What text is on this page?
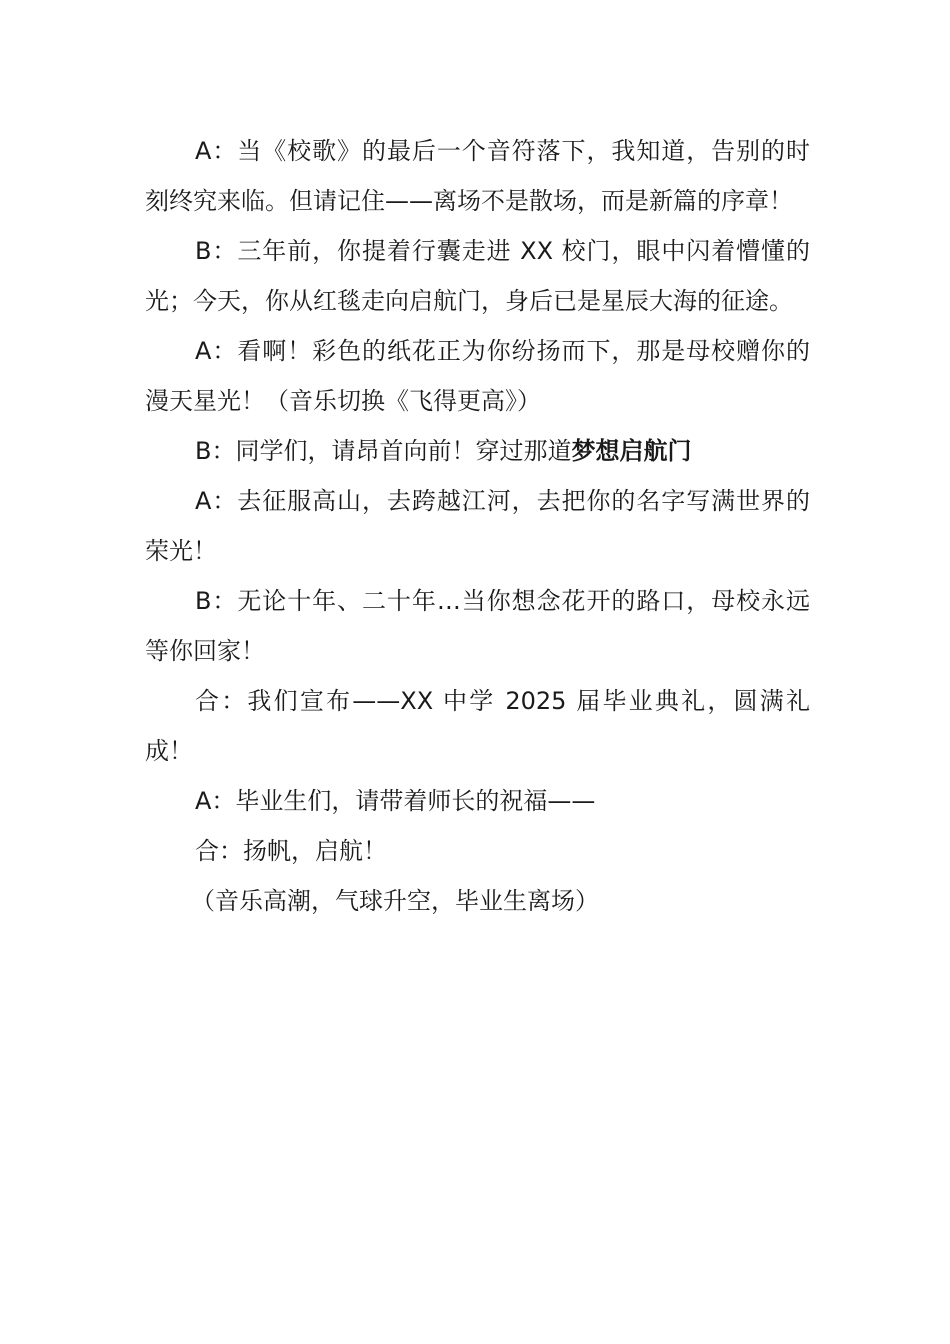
A：当《校歌》的最后一个音符落下，我知道，告别的时刻终究来临。但请记住——离场不是散场，而是新篇的序章！

B：三年前，你提着行囊走进 XX 校门，眼中闪着懵懂的光；今天，你从红毯走向启航门，身后已是星辰大海的征途。

A：看啊！彩色的纸花正为你纷扬而下，那是母校赠你的漫天星光！（音乐切换《飞得更高》）

B：同学们，请昂首向前！穿过那道梦想启航门

A：去征服高山，去跨越江河，去把你的名字写满世界的荣光！

B：无论十年、二十年…当你想念花开的路口，母校永远等你回家！

合：我们宣布——XX 中学 2025 届毕业典礼，圆满礼成！

A：毕业生们，请带着师长的祝福——

合：扬帆，启航！

（音乐高潮，气球升空，毕业生离场）
